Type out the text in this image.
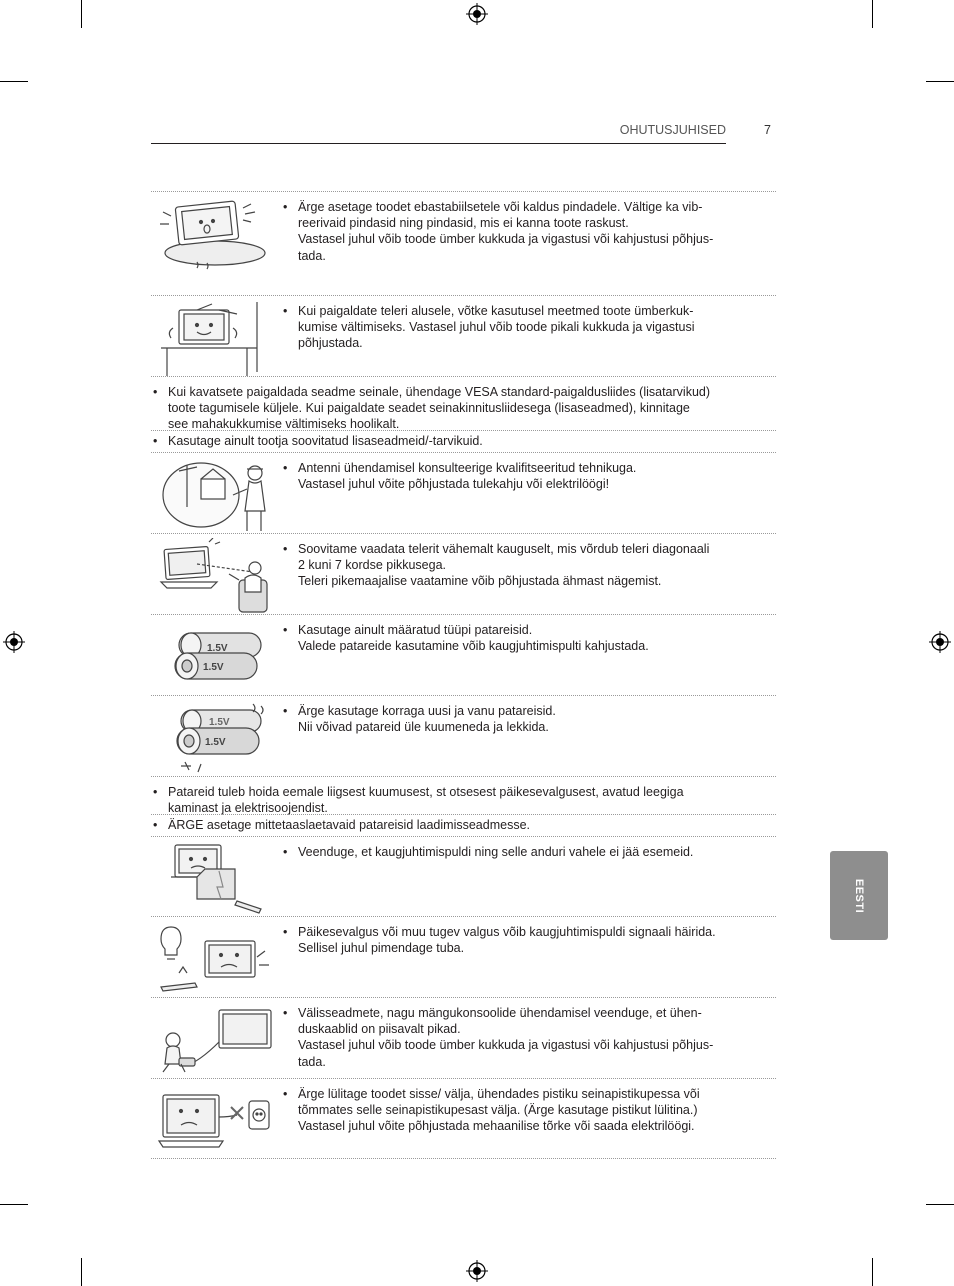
OHUTUSJUHISED	7
EESTI
• Ärge asetage toodet ebastabiilsetele või kaldus pindadele. Vältige ka vib-
reerivaid pindasid ning pindasid, mis ei kanna toote raskust.
Vastasel juhul võib toode ümber kukkuda ja vigastusi või kahjustusi põhjus-
tada.
• Kui paigaldate teleri alusele, võtke kasutusel meetmed toote ümberkuk-
kumise vältimiseks. Vastasel juhul võib toode pikali kukkuda ja vigastusi
põhjustada.
• Kui kavatsete paigaldada seadme seinale, ühendage VESA standard-paigaldusliides (lisatarvikud)
toote tagumisele küljele. Kui paigaldate seadet seinakinnitusliidesega (lisaseadmed), kinnitage
see mahakukkumise vältimiseks hoolikalt.
• Kasutage ainult tootja soovitatud lisaseadmeid/-tarvikuid.
• Antenni ühendamisel konsulteerige kvalifitseeritud tehnikuga.
Vastasel juhul võite põhjustada tulekahju või elektrilöögi!
• Soovitame vaadata telerit vähemalt kauguselt, mis võrdub teleri diagonaali
2 kuni 7 kordse pikkusega.
Teleri pikemaajalise vaatamine võib põhjustada ähmast nägemist.
1.5V
1.5V
• Kasutage ainult määratud tüüpi patareisid.
Valede patareide kasutamine võib kaugjuhtimispulti kahjustada.
1.5V
1.5V
• Ärge kasutage korraga uusi ja vanu patareisid.
Nii võivad patareid üle kuumeneda ja lekkida.
• Patareid tuleb hoida eemale liigsest kuumusest, st otsesest päikesevalgusest, avatud leegiga
kaminast ja elektrisoojendist.
• ÄRGE asetage mittetaaslaetavaid patareisid laadimisseadmesse.
• Veenduge, et kaugjuhtimispuldi ning selle anduri vahele ei jää esemeid.
• Päikesevalgus või muu tugev valgus võib kaugjuhtimispuldi signaali häirida.
Sellisel juhul pimendage tuba.
• Välisseadmete, nagu mängukonsoolide ühendamisel veenduge, et ühen-
duskaablid on piisavalt pikad.
Vastasel juhul võib toode ümber kukkuda ja vigastusi või kahjustusi põhjus-
tada.
• Ärge lülitage toodet sisse/ välja, ühendades pistiku seinapistikupessa või
tõmmates selle seinapistikupesast välja. (Ärge kasutage pistikut lülitina.)
Vastasel juhul võite põhjustada mehaanilise tõrke või saada elektrilöögi.
